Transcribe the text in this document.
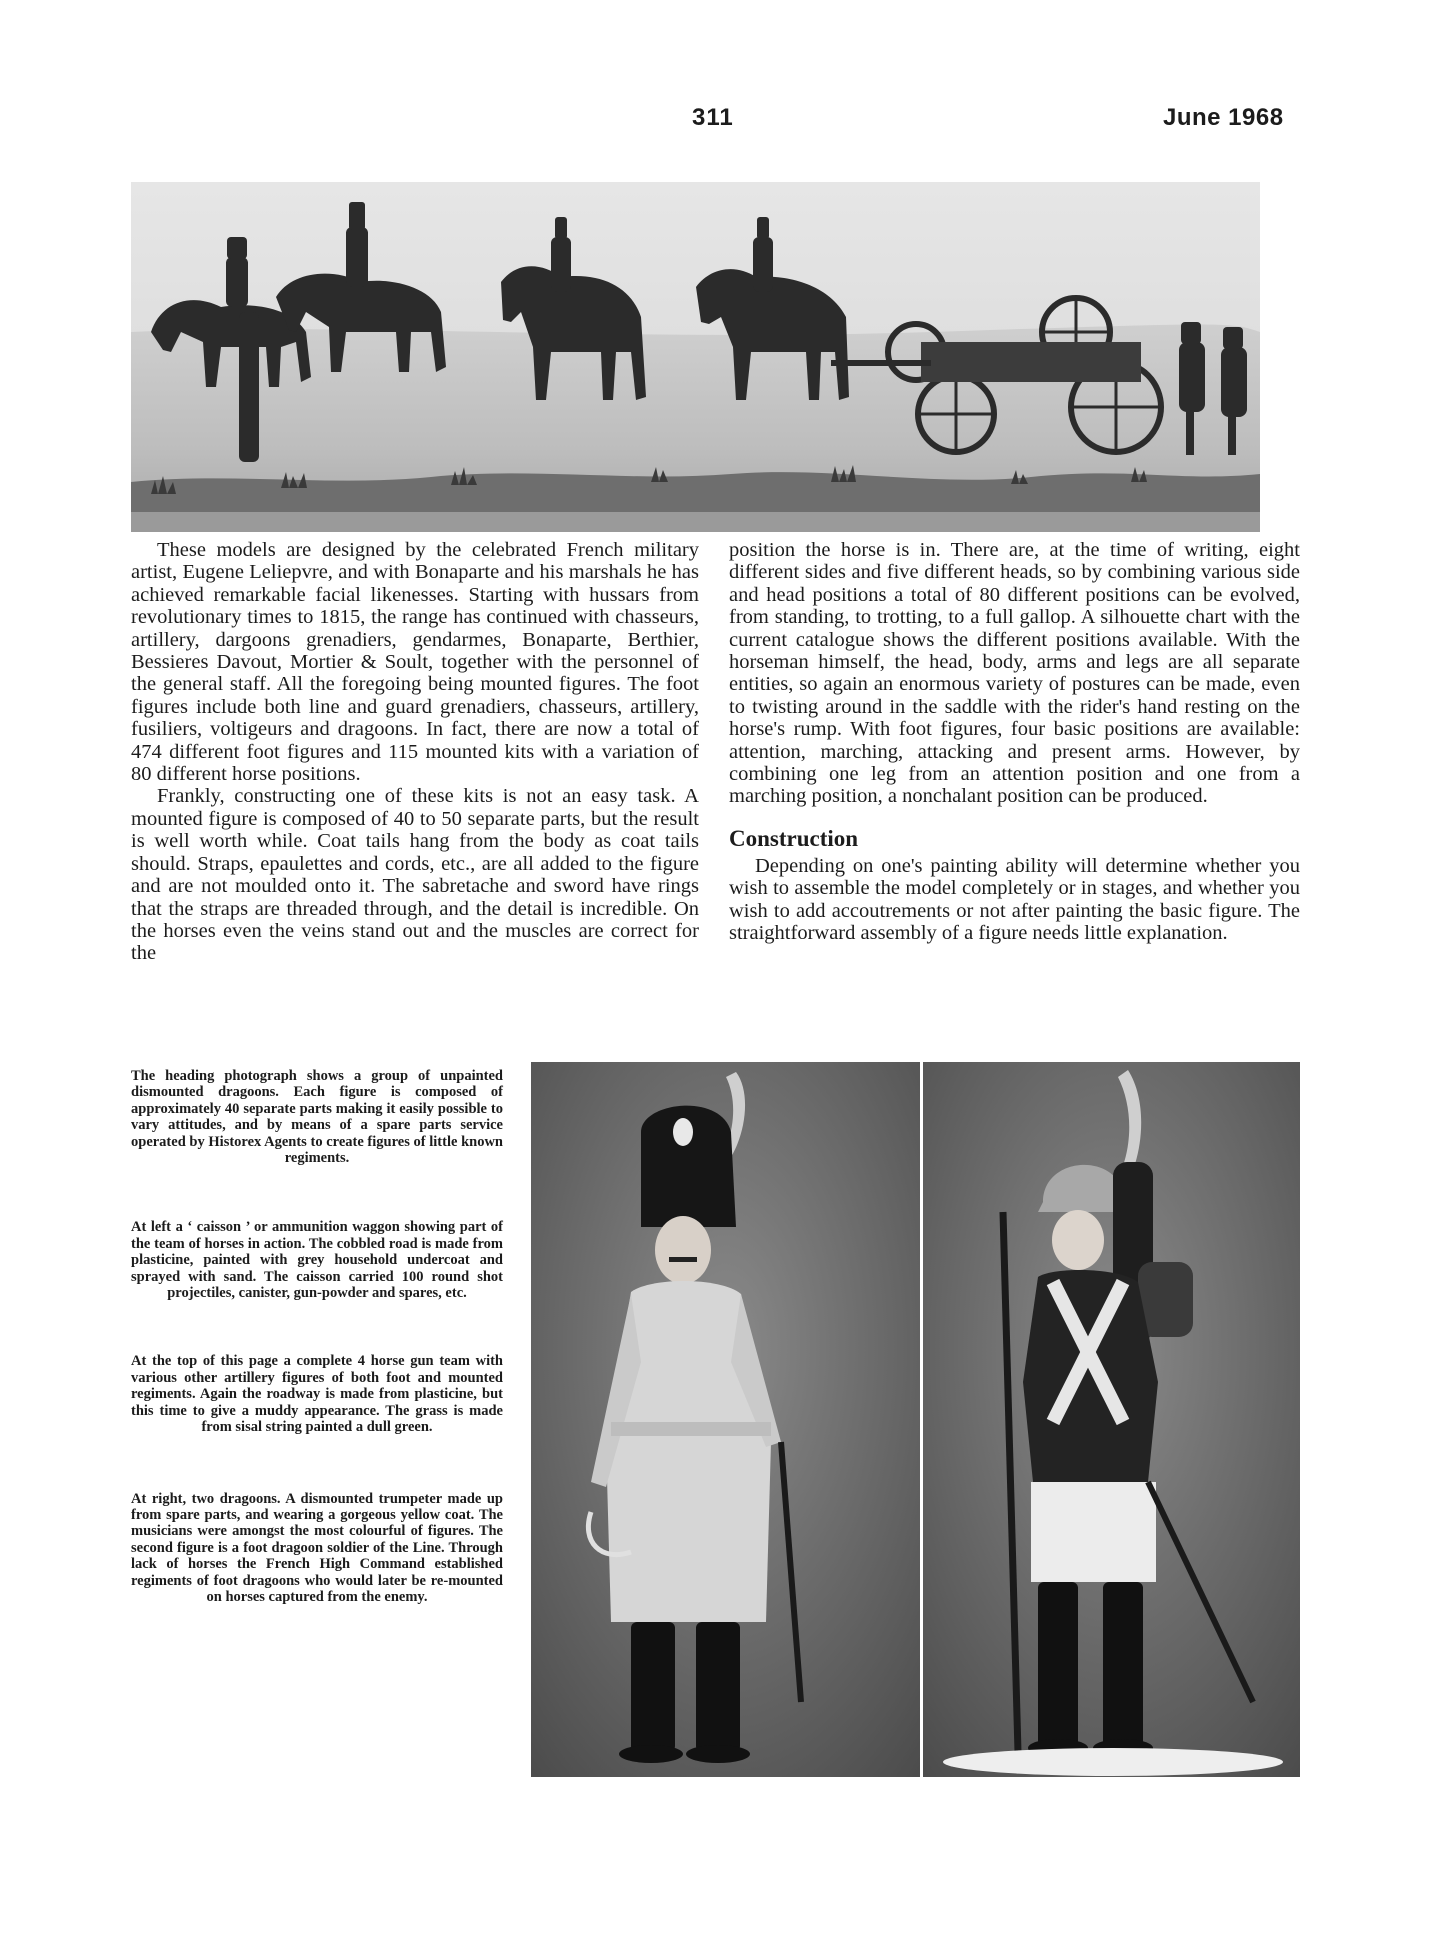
311	June 1968

These models are designed by the celebrated French military artist, Eugene Leliepvre, and with Bonaparte and his marshals he has achieved remarkable facial likenesses. Starting with hussars from revolutionary times to 1815, the range has continued with chasseurs, artillery, dargoons grenadiers, gendarmes, Bonaparte, Berthier, Bessieres Davout, Mortier & Soult, together with the personnel of the general staff. All the foregoing being mounted figures. The foot figures include both line and guard grenadiers, chasseurs, artillery, fusiliers, voltigeurs and dragoons. In fact, there are now a total of 474 different foot figures and 115 mounted kits with a variation of 80 different horse positions.

Frankly, constructing one of these kits is not an easy task. A mounted figure is composed of 40 to 50 separate parts, but the result is well worth while. Coat tails hang from the body as coat tails should. Straps, epaulettes and cords, etc., are all added to the figure and are not moulded onto it. The sabretache and sword have rings that the straps are threaded through, and the detail is incredible. On the horses even the veins stand out and the muscles are correct for the

position the horse is in. There are, at the time of writing, eight different sides and five different heads, so by combining various side and head positions a total of 80 different positions can be evolved, from standing, to trotting, to a full gallop. A silhouette chart with the current catalogue shows the different positions available. With the horseman himself, the head, body, arms and legs are all separate entities, so again an enormous variety of postures can be made, even to twisting around in the saddle with the rider's hand resting on the horse's rump. With foot figures, four basic positions are available: attention, marching, attacking and present arms. However, by combining one leg from an attention position and one from a marching position, a nonchalant position can be produced.

Construction

Depending on one's painting ability will determine whether you wish to assemble the model completely or in stages, and whether you wish to add accoutrements or not after painting the basic figure. The straightforward assembly of a figure needs little explanation.

The heading photograph shows a group of unpainted dismounted dragoons. Each figure is composed of approximately 40 separate parts making it easily possible to vary attitudes, and by means of a spare parts service operated by Historex Agents to create figures of little known regiments.

At left a ‘ caisson ’ or ammunition waggon showing part of the team of horses in action. The cobbled road is made from plasticine, painted with grey household undercoat and sprayed with sand. The caisson carried 100 round shot projectiles, canister, gun-powder and spares, etc.

At the top of this page a complete 4 horse gun team with various other artillery figures of both foot and mounted regiments. Again the roadway is made from plasticine, but this time to give a muddy appearance. The grass is made from sisal string painted a dull green.

At right, two dragoons. A dismounted trumpeter made up from spare parts, and wearing a gorgeous yellow coat. The musicians were amongst the most colourful of figures. The second figure is a foot dragoon soldier of the Line. Through lack of horses the French High Command established regiments of foot dragoons who would later be re-mounted on horses captured from the enemy.
